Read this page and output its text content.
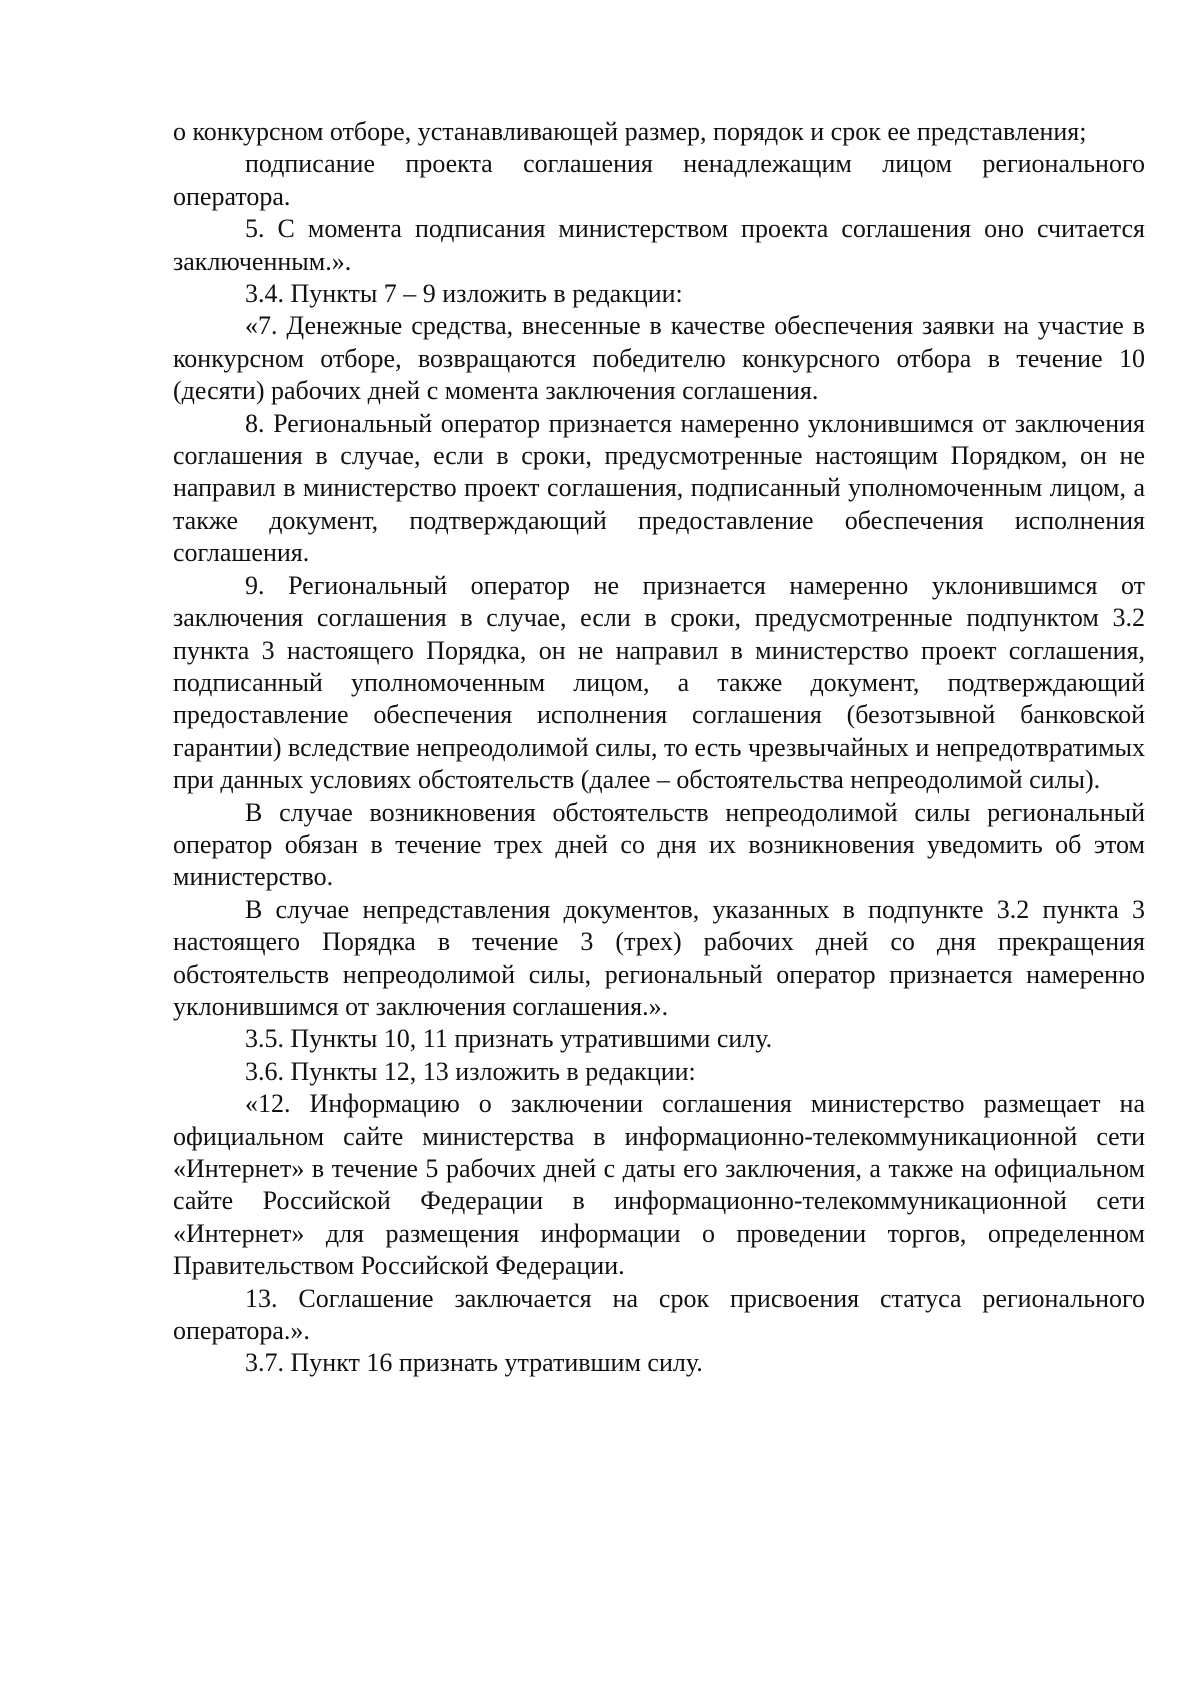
о конкурсном отборе, устанавливающей размер, порядок и срок ее представления;

подписание проекта соглашения ненадлежащим лицом регионального оператора.

5. С момента подписания министерством проекта соглашения оно считается заключенным.».

3.4. Пункты 7 – 9 изложить в редакции:

«7. Денежные средства, внесенные в качестве обеспечения заявки на участие в конкурсном отборе, возвращаются победителю конкурсного отбора в течение 10 (десяти) рабочих дней с момента заключения соглашения.

8. Региональный оператор признается намеренно уклонившимся от заключения соглашения в случае, если в сроки, предусмотренные настоящим Порядком, он не направил в министерство проект соглашения, подписанный уполномоченным лицом, а также документ, подтверждающий предоставление обеспечения исполнения соглашения.

9. Региональный оператор не признается намеренно уклонившимся от заключения соглашения в случае, если в сроки, предусмотренные подпунктом 3.2 пункта 3 настоящего Порядка, он не направил в министерство проект соглашения, подписанный уполномоченным лицом, а также документ, подтверждающий предоставление обеспечения исполнения соглашения (безотзывной банковской гарантии) вследствие непреодолимой силы, то есть чрезвычайных и непредотвратимых при данных условиях обстоятельств (далее – обстоятельства непреодолимой силы).

В случае возникновения обстоятельств непреодолимой силы региональный оператор обязан в течение трех дней со дня их возникновения уведомить об этом министерство.

В случае непредставления документов, указанных в подпункте 3.2 пункта 3 настоящего Порядка в течение 3 (трех) рабочих дней со дня прекращения обстоятельств непреодолимой силы, региональный оператор признается намеренно уклонившимся от заключения соглашения.».

3.5. Пункты 10, 11 признать утратившими силу.

3.6. Пункты 12, 13 изложить в редакции:

«12. Информацию о заключении соглашения министерство размещает на официальном сайте министерства в информационно-телекоммуникационной сети «Интернет» в течение 5 рабочих дней с даты его заключения, а также на официальном сайте Российской Федерации в информационно-телекоммуникационной сети «Интернет» для размещения информации о проведении торгов, определенном Правительством Российской Федерации.

13. Соглашение заключается на срок присвоения статуса регионального оператора.».

3.7. Пункт 16 признать утратившим силу.
